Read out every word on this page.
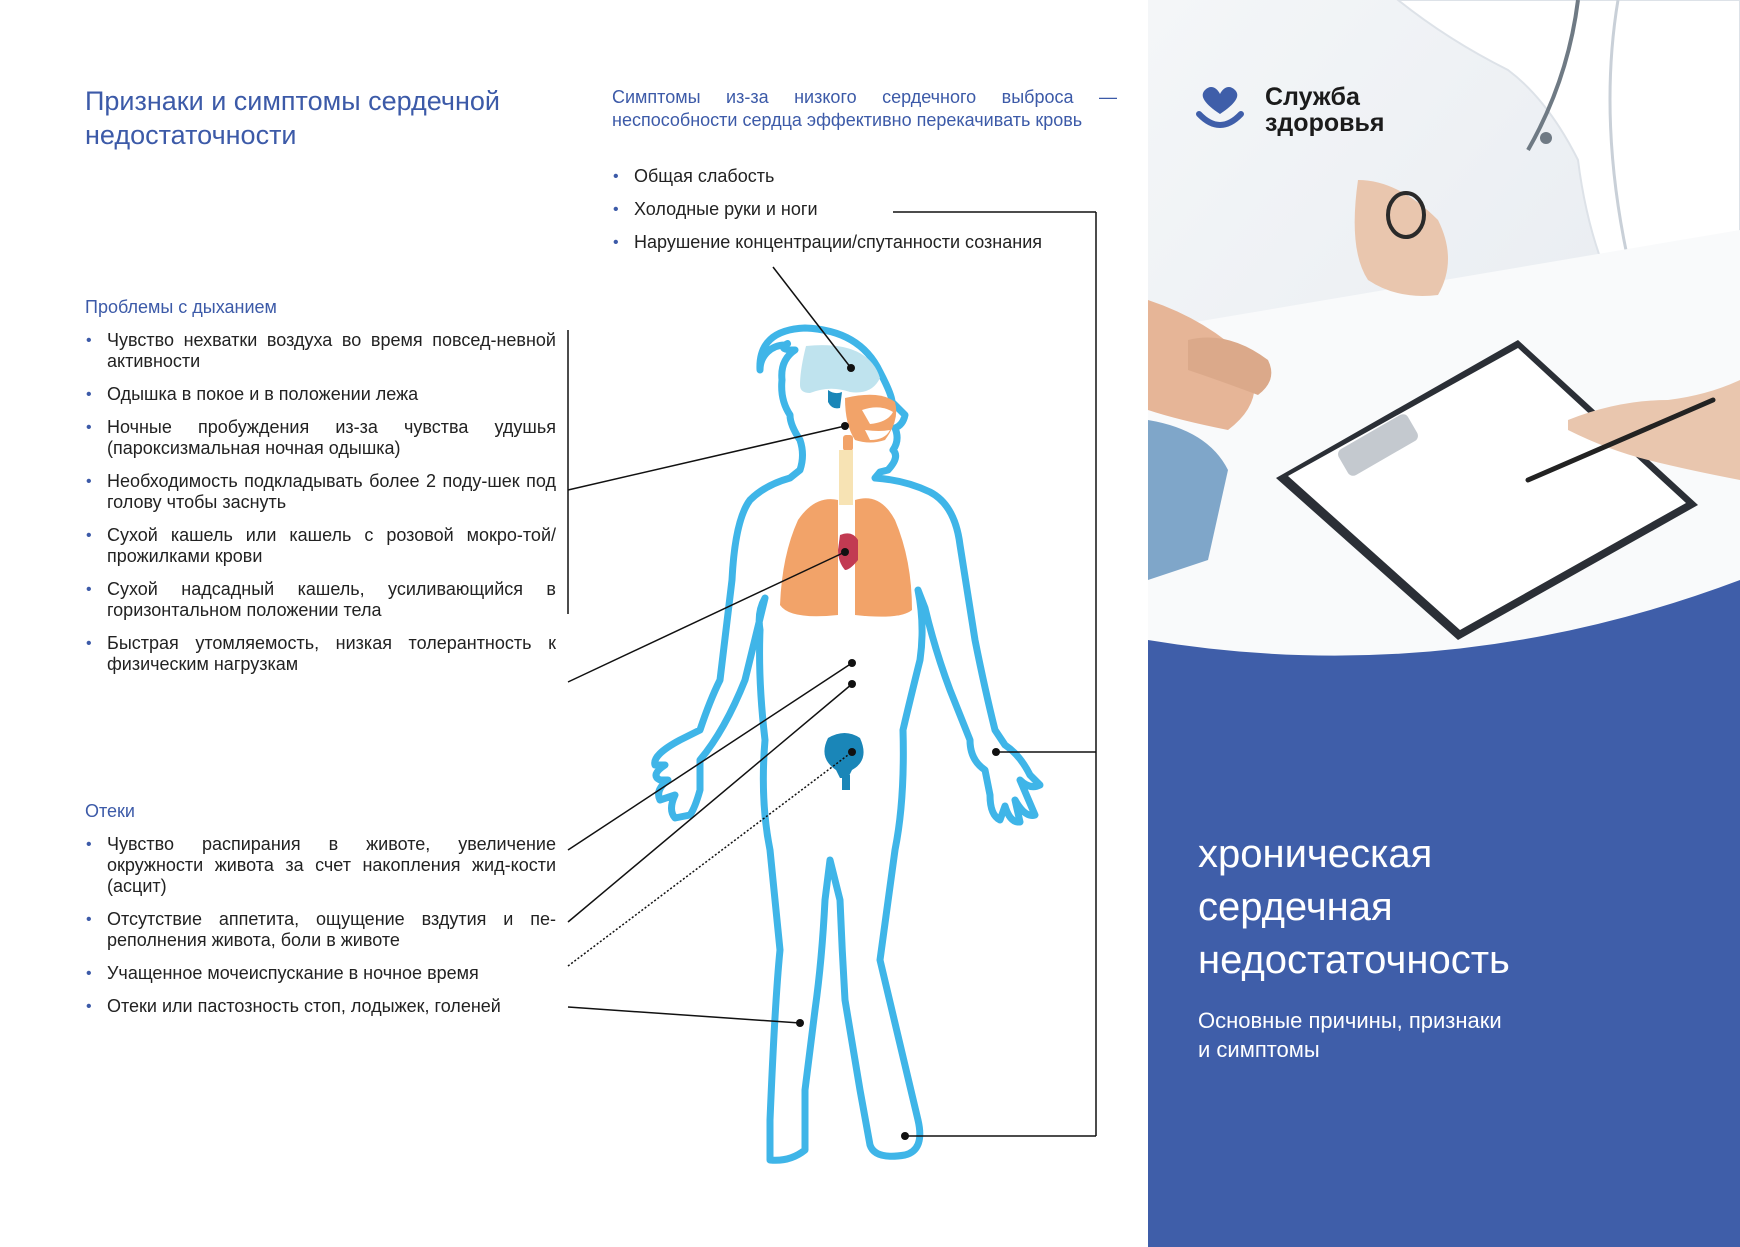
Признаки и симптомы сердечной недостаточности
Проблемы с дыханием
• Чувство нехватки воздуха во время повсед-невной активности
• Одышка в покое и в положении лежа
• Ночные пробуждения из-за чувства удушья (пароксизмальная ночная одышка)
• Необходимость подкладывать более 2 поду-шек под голову чтобы заснуть
• Сухой кашель или кашель с розовой мокро-той/прожилками крови
• Сухой надсадный кашель, усиливающийся в горизонтальном положении тела
• Быстрая утомляемость, низкая толерантность к физическим нагрузкам
Отеки
• Чувство распирания в животе, увеличение окружности живота за счет накопления жид-кости (асцит)
• Отсутствие аппетита, ощущение вздутия и пе-реполнения живота, боли в животе
• Учащенное мочеиспускание в ночное время
• Отеки или пастозность стоп, лодыжек, голеней
Симптомы из-за низкого сердечного выброса — неспособности сердца эффективно перекачивать кровь
• Общая слабость
• Холодные руки и ноги
• Нарушение концентрации/спутанности сознания
Служба
здоровья
хроническая
сердечная
недостаточность
Основные причины, признаки
и симптомы
